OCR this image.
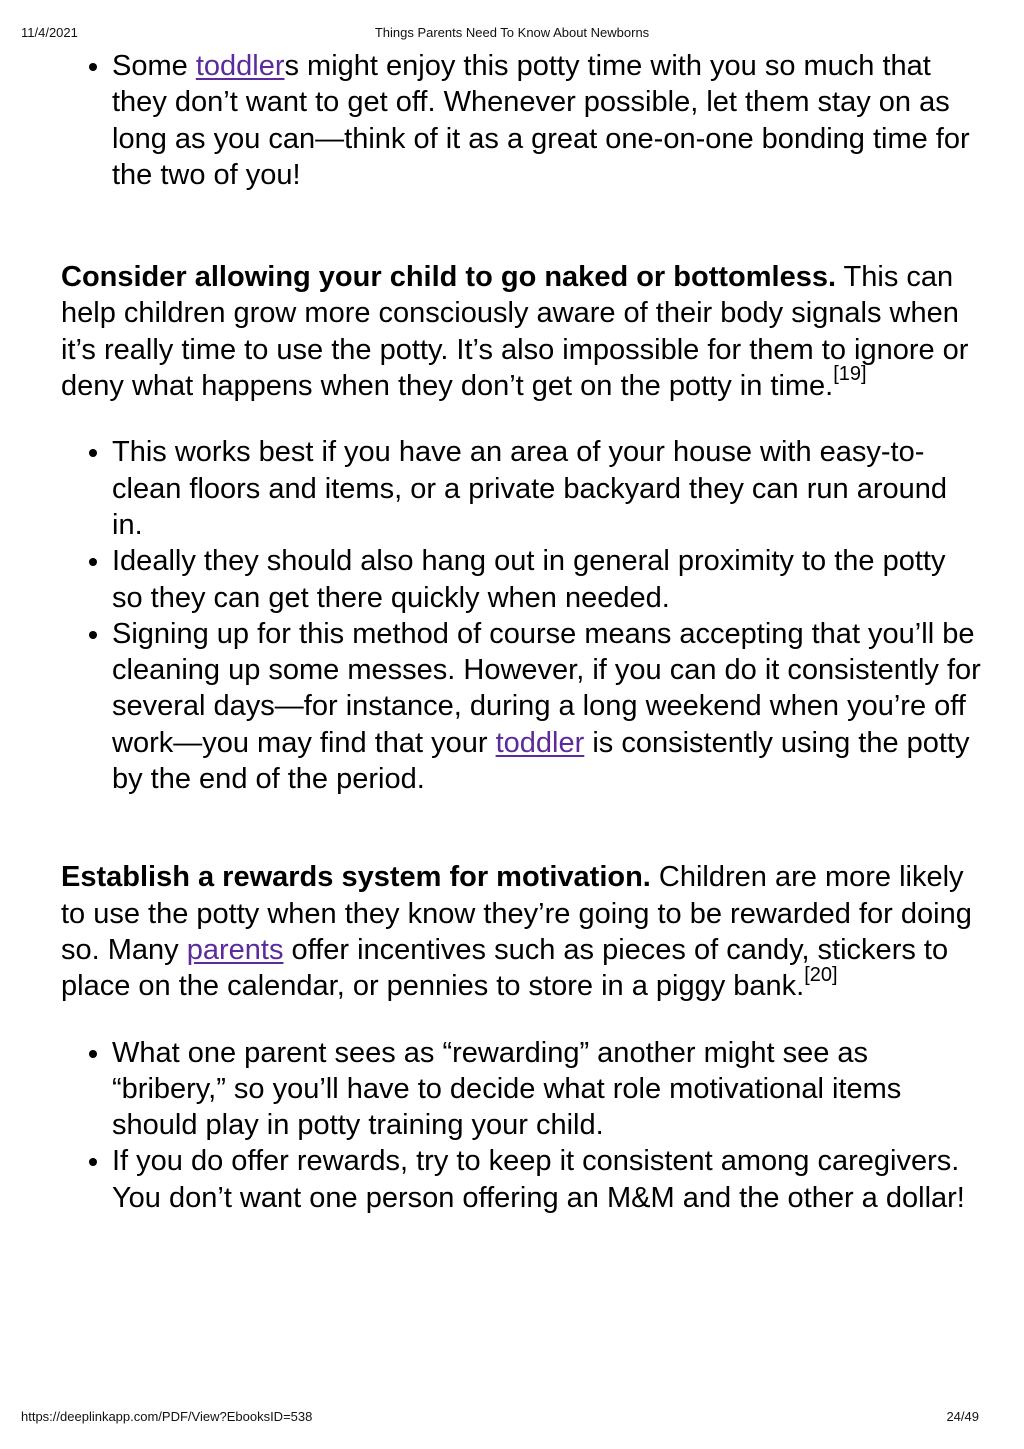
11/4/2021	Things Parents Need To Know About Newborns
• Some toddlers might enjoy this potty time with you so much that they don’t want to get off. Whenever possible, let them stay on as long as you can—think of it as a great one-on-one bonding time for the two of you!

Consider allowing your child to go naked or bottomless. This can help children grow more consciously aware of their body signals when it’s really time to use the potty. It’s also impossible for them to ignore or deny what happens when they don’t get on the potty in time.[19]

• This works best if you have an area of your house with easy-to-clean floors and items, or a private backyard they can run around in.
• Ideally they should also hang out in general proximity to the potty so they can get there quickly when needed.
• Signing up for this method of course means accepting that you’ll be cleaning up some messes. However, if you can do it consistently for several days—for instance, during a long weekend when you’re off work—you may find that your toddler is consistently using the potty by the end of the period.

Establish a rewards system for motivation. Children are more likely to use the potty when they know they’re going to be rewarded for doing so. Many parents offer incentives such as pieces of candy, stickers to place on the calendar, or pennies to store in a piggy bank.[20]

• What one parent sees as “rewarding” another might see as “bribery,” so you’ll have to decide what role motivational items should play in potty training your child.
• If you do offer rewards, try to keep it consistent among caregivers. You don’t want one person offering an M&M and the other a dollar!
https://deeplinkapp.com/PDF/View?EbooksID=538	24/49
